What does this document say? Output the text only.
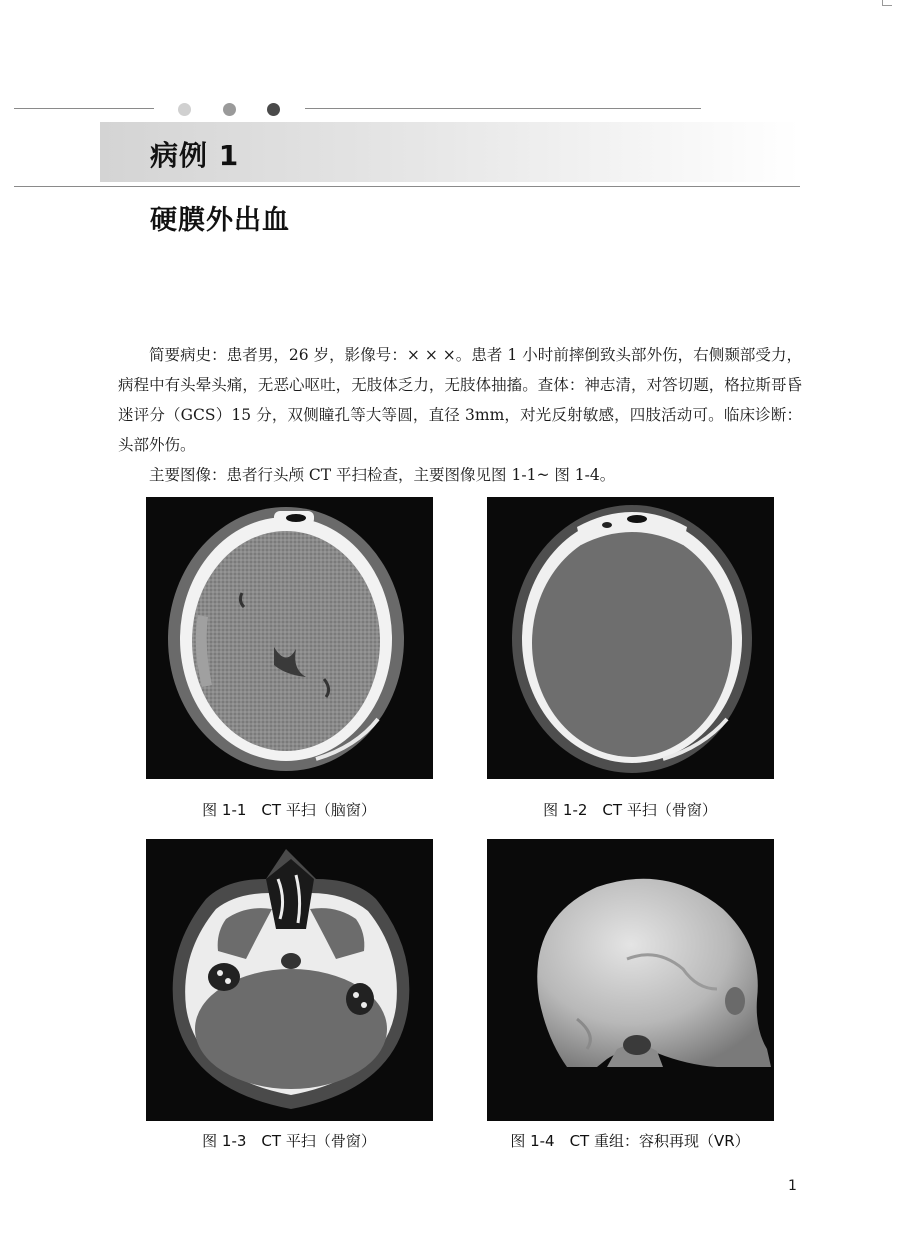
病例 1
硬膜外出血

简要病史：患者男，26 岁，影像号：× × ×。患者 1 小时前摔倒致头部外伤，右侧颞部受力，病程中有头晕头痛，无恶心呕吐，无肢体乏力，无肢体抽搐。查体：神志清，对答切题，格拉斯哥昏迷评分（GCS）15 分，双侧瞳孔等大等圆，直径 3mm，对光反射敏感，四肢活动可。临床诊断：头部外伤。

主要图像：患者行头颅 CT 平扫检查，主要图像见图 1-1~ 图 1-4。

图 1-1　CT 平扫（脑窗）	图 1-2　CT 平扫（骨窗）
图 1-3　CT 平扫（骨窗）	图 1-4　CT 重组：容积再现（VR）
1
